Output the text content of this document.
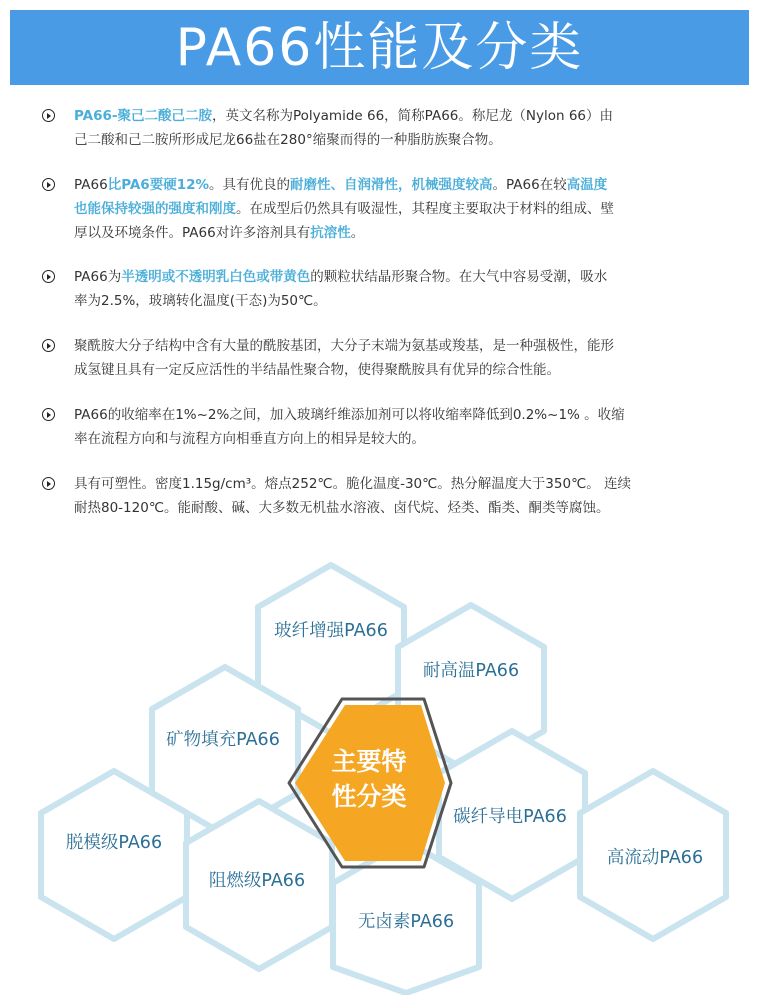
PA66性能及分类

PA66-聚己二酸己二胺，英文名称为Polyamide 66，简称PA66。称尼龙（Nylon 66）由
己二酸和己二胺所形成尼龙66盐在280°缩聚而得的一种脂肪族聚合物。

PA66比PA6要硬12%。具有优良的耐磨性、自润滑性，机械强度较高。PA66在较高温度
也能保持较强的强度和刚度。在成型后仍然具有吸湿性，其程度主要取决于材料的组成、壁
厚以及环境条件。PA66对许多溶剂具有抗溶性。

PA66为半透明或不透明乳白色或带黄色的颗粒状结晶形聚合物。在大气中容易受潮，吸水
率为2.5%，玻璃转化温度(干态)为50℃。

聚酰胺大分子结构中含有大量的酰胺基团，大分子末端为氨基或羧基，是一种强极性，能形
成氢键且具有一定反应活性的半结晶性聚合物，使得聚酰胺具有优异的综合性能。

PA66的收缩率在1%~2%之间，加入玻璃纤维添加剂可以将收缩率降低到0.2%~1% 。收缩
率在流程方向和与流程方向相垂直方向上的相异是较大的。

具有可塑性。密度1.15g/cm³。熔点252℃。脆化温度-30℃。热分解温度大于350℃。 连续
耐热80-120℃。能耐酸、碱、大多数无机盐水溶液、卤代烷、烃类、酯类、酮类等腐蚀。

玻纤增强PA66
耐高温PA66
矿物填充PA66
碳纤导电PA66
脱模级PA66
阻燃级PA66
无卤素PA66
高流动PA66
主要特
性分类
